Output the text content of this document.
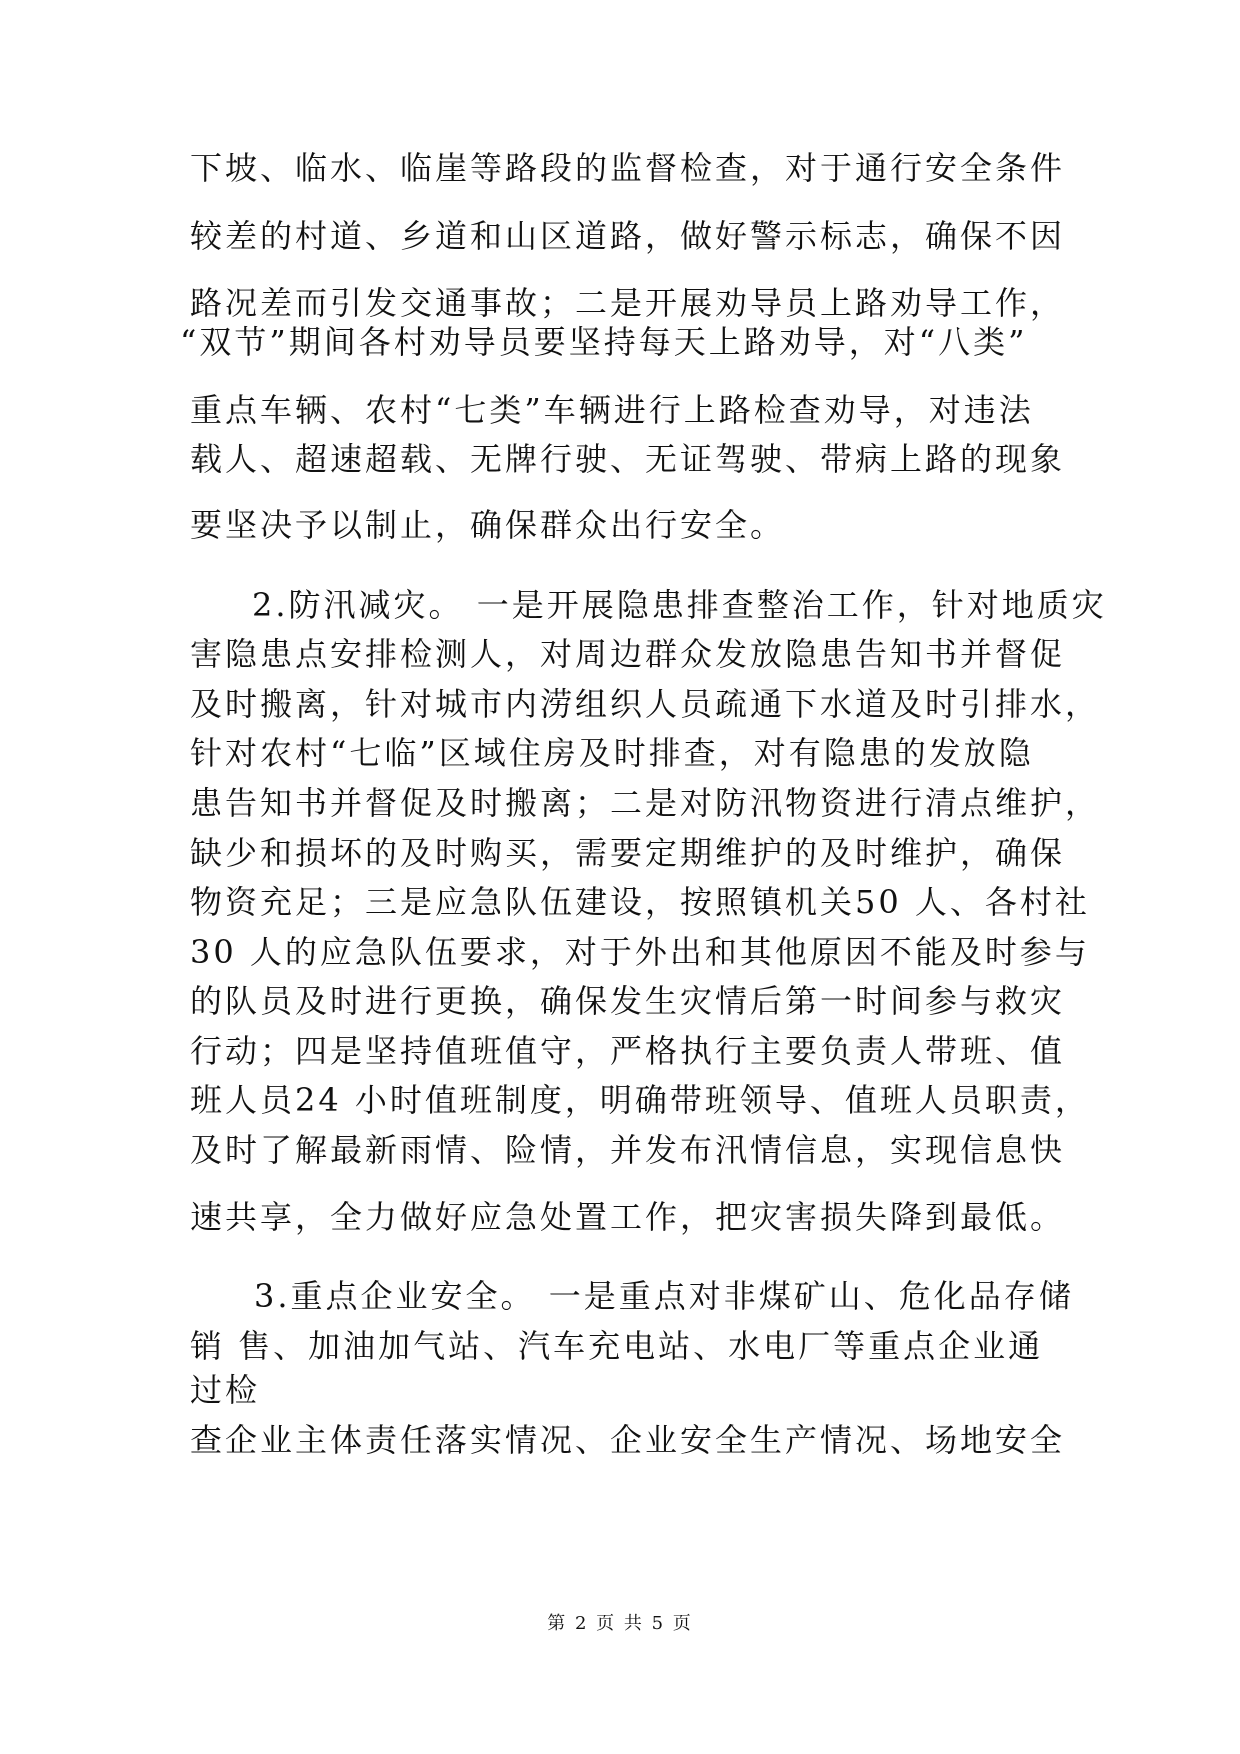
下坡、临水、临崖等路段的监督检查，对于通行安全条件
较差的村道、乡道和山区道路，做好警示标志，确保不因
路况差而引发交通事故；二是开展劝导员上路劝导工作，
“双节”期间各村劝导员要坚持每天上路劝导，对“八类”
重点车辆、农村“七类”车辆进行上路检查劝导，对违法
载人、超速超载、无牌行驶、无证驾驶、带病上路的现象
要坚决予以制止，确保群众出行安全。
2.防汛减灾。 一是开展隐患排查整治工作，针对地质灾
害隐患点安排检测人，对周边群众发放隐患告知书并督促
及时搬离，针对城市内涝组织人员疏通下水道及时引排水，
针对农村“七临”区域住房及时排查，对有隐患的发放隐
患告知书并督促及时搬离；二是对防汛物资进行清点维护，
缺少和损坏的及时购买，需要定期维护的及时维护，确保
物资充足；三是应急队伍建设，按照镇机关50 人、各村社
30 人的应急队伍要求，对于外出和其他原因不能及时参与
的队员及时进行更换，确保发生灾情后第一时间参与救灾
行动；四是坚持值班值守，严格执行主要负责人带班、值
班人员24 小时值班制度，明确带班领导、值班人员职责，
及时了解最新雨情、险情，并发布汛情信息，实现信息快
速共享，全力做好应急处置工作，把灾害损失降到最低。
3.重点企业安全。 一是重点对非煤矿山、危化品存储
销 售、加油加气站、汽车充电站、水电厂等重点企业通
过检
查企业主体责任落实情况、企业安全生产情况、场地安全
第 2 页 共 5 页
